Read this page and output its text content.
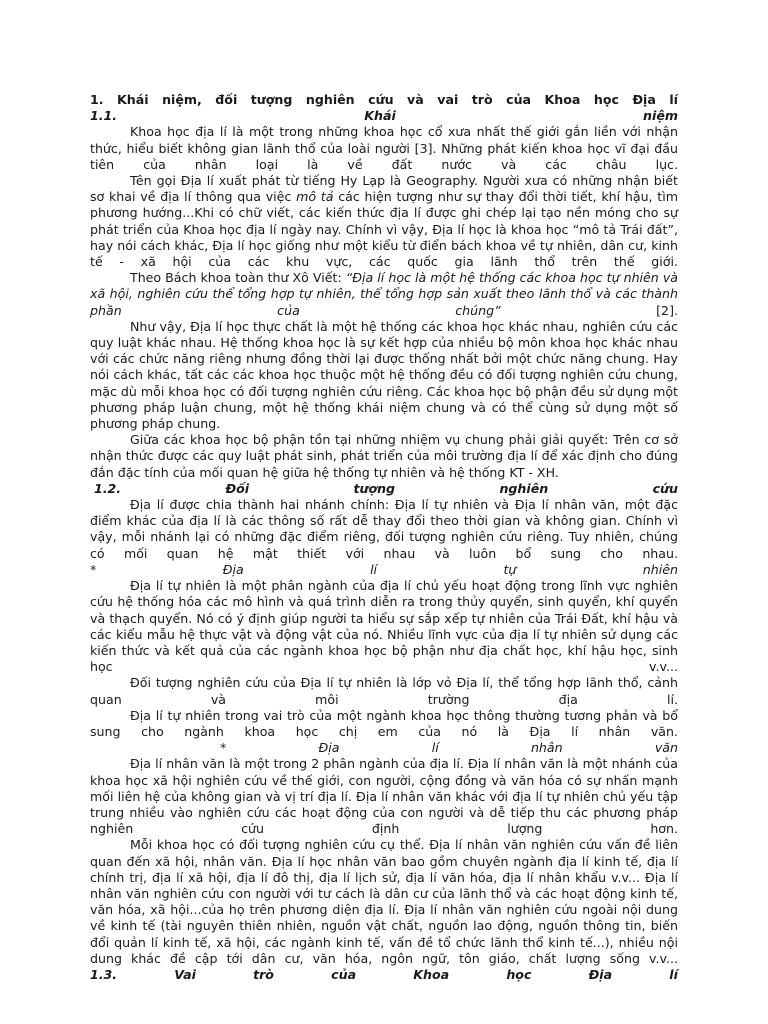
1. Khái niệm, đối tượng nghiên cứu và vai trò của Khoa học Địa lí

1.1.	Khái	niệm

Khoa học địa lí là một trong những khoa học cổ xưa nhất thế giới gắn liền với nhận thức, hiểu biết không gian lãnh thổ của loài người [3]. Những phát kiến khoa học vĩ đại đầu tiên của nhân loại là về đất nước và các châu lục.

Tên gọi Địa lí xuất phát từ tiếng Hy Lạp là Geography. Người xưa có những nhận biết sơ khai về địa lí thông qua việc mô tả các hiện tượng như sự thay đổi thời tiết, khí hậu, tìm phương hướng...Khi có chữ viết, các kiến thức địa lí được ghi chép lại tạo nền móng cho sự phát triển của Khoa học địa lí ngày nay. Chính vì vậy, Địa lí học là khoa học “mô tả Trái đất”, hay nói cách khác, Địa lí học giống như một kiểu từ điển bách khoa về tự nhiên, dân cư, kinh tế - xã hội của các khu vực, các quốc gia lãnh thổ trên thế giới.

Theo Bách khoa toàn thư Xô Viết: “Địa lí học là một hệ thống các khoa học tự nhiên và xã hội, nghiên cứu thể tổng hợp tự nhiên, thể tổng hợp sản xuất theo lãnh thổ và các thành phần của chúng” [2].

Như vậy, Địa lí học thực chất là một hệ thống các khoa học khác nhau, nghiên cứu các quy luật khác nhau. Hệ thống khoa học là sự kết hợp của nhiều bộ môn khoa học khác nhau với các chức năng riêng nhưng đồng thời lại được thống nhất bởi một chức năng chung. Hay nói cách khác, tất các các khoa học thuộc một hệ thống đều có đối tượng nghiên cứu chung, mặc dù mỗi khoa học có đối tượng nghiên cứu riêng. Các khoa học bộ phận đều sử dụng một phương pháp luận chung, một hệ thống khái niệm chung và có thể cùng sử dụng một số phương pháp chung.

Giữa các khoa học bộ phận tồn tại những nhiệm vụ chung phải giải quyết: Trên cơ sở nhận thức được các quy luật phát sinh, phát triển của môi trường địa lí để xác định cho đúng đắn đặc tính của mối quan hệ giữa hệ thống tự nhiên và hệ thống KT - XH.

1.2.	Đối	tượng	nghiên	cứu

Địa lí được chia thành hai nhánh chính: Địa lí tự nhiên và Địa lí nhân văn, một đặc điểm khác của địa lí là các thông số rất dễ thay đổi theo thời gian và không gian. Chính vì vậy, mỗi nhánh lại có những đặc điểm riêng, đối tượng nghiên cứu riêng. Tuy nhiên, chúng có mối quan hệ mật thiết với nhau và luôn bổ sung cho nhau.

*	Địa	lí	tự	nhiên

Địa lí tự nhiên là một phân ngành của địa lí chủ yếu hoạt động trong lĩnh vực nghiên cứu hệ thống hóa các mô hình và quá trình diễn ra trong thủy quyển, sinh quyển, khí quyển và thạch quyển. Nó có ý định giúp người ta hiểu sự sắp xếp tự nhiên của Trái Đất, khí hậu và các kiểu mẫu hệ thực vật và động vật của nó. Nhiều lĩnh vực của địa lí tự nhiên sử dụng các kiến thức và kết quả của các ngành khoa học bộ phận như địa chất học, khí hậu học, sinh học v.v...

Đối tượng nghiên cứu của Địa lí tự nhiên là lớp vỏ Địa lí, thể tổng hợp lãnh thổ, cảnh quan và môi trường địa lí.

Địa lí tự nhiên trong vai trò của một ngành khoa học thông thường tương phản và bổ sung cho ngành khoa học chị em của nó là Địa lí nhân văn.

*	Địa	lí	nhân	văn

Địa lí nhân văn là một trong 2 phân ngành của địa lí. Địa lí nhân văn là một nhánh của khoa học xã hội nghiên cứu về thế giới, con người, cộng đồng và văn hóa có sự nhấn mạnh mối liên hệ của không gian và vị trí địa lí. Địa lí nhân văn khác với địa lí tự nhiên chủ yếu tập trung nhiều vào nghiên cứu các hoạt động của con người và dễ tiếp thu các phương pháp nghiên cứu định lượng hơn.

Mỗi khoa học có đối tượng nghiên cứu cụ thể. Địa lí nhân văn nghiên cứu vấn đề liên quan đến xã hội, nhân văn. Địa lí học nhân văn bao gồm chuyên ngành địa lí kinh tế, địa lí chính trị, địa lí xã hội, địa lí đô thị, địa lí lịch sử, địa lí văn hóa, địa lí nhân khẩu v.v... Địa lí nhân văn nghiên cứu con người với tư cách là dân cư của lãnh thổ và các hoạt động kinh tế, văn hóa, xã hội...của họ trên phương diện địa lí. Địa lí nhân văn nghiên cứu ngoài nội dung về kinh tế (tài nguyên thiên nhiên, nguồn vật chất, nguồn lao động, nguồn thông tin, biến đổi quản lí kinh tế, xã hội, các ngành kinh tế, vấn đề tổ chức lãnh thổ kinh tế...), nhiều nội dung khác đề cập tới dân cư, văn hóa, ngôn ngữ, tôn giáo, chất lượng sống v.v...

1.3.	Vai	trò	của	Khoa	học	Địa	lí
